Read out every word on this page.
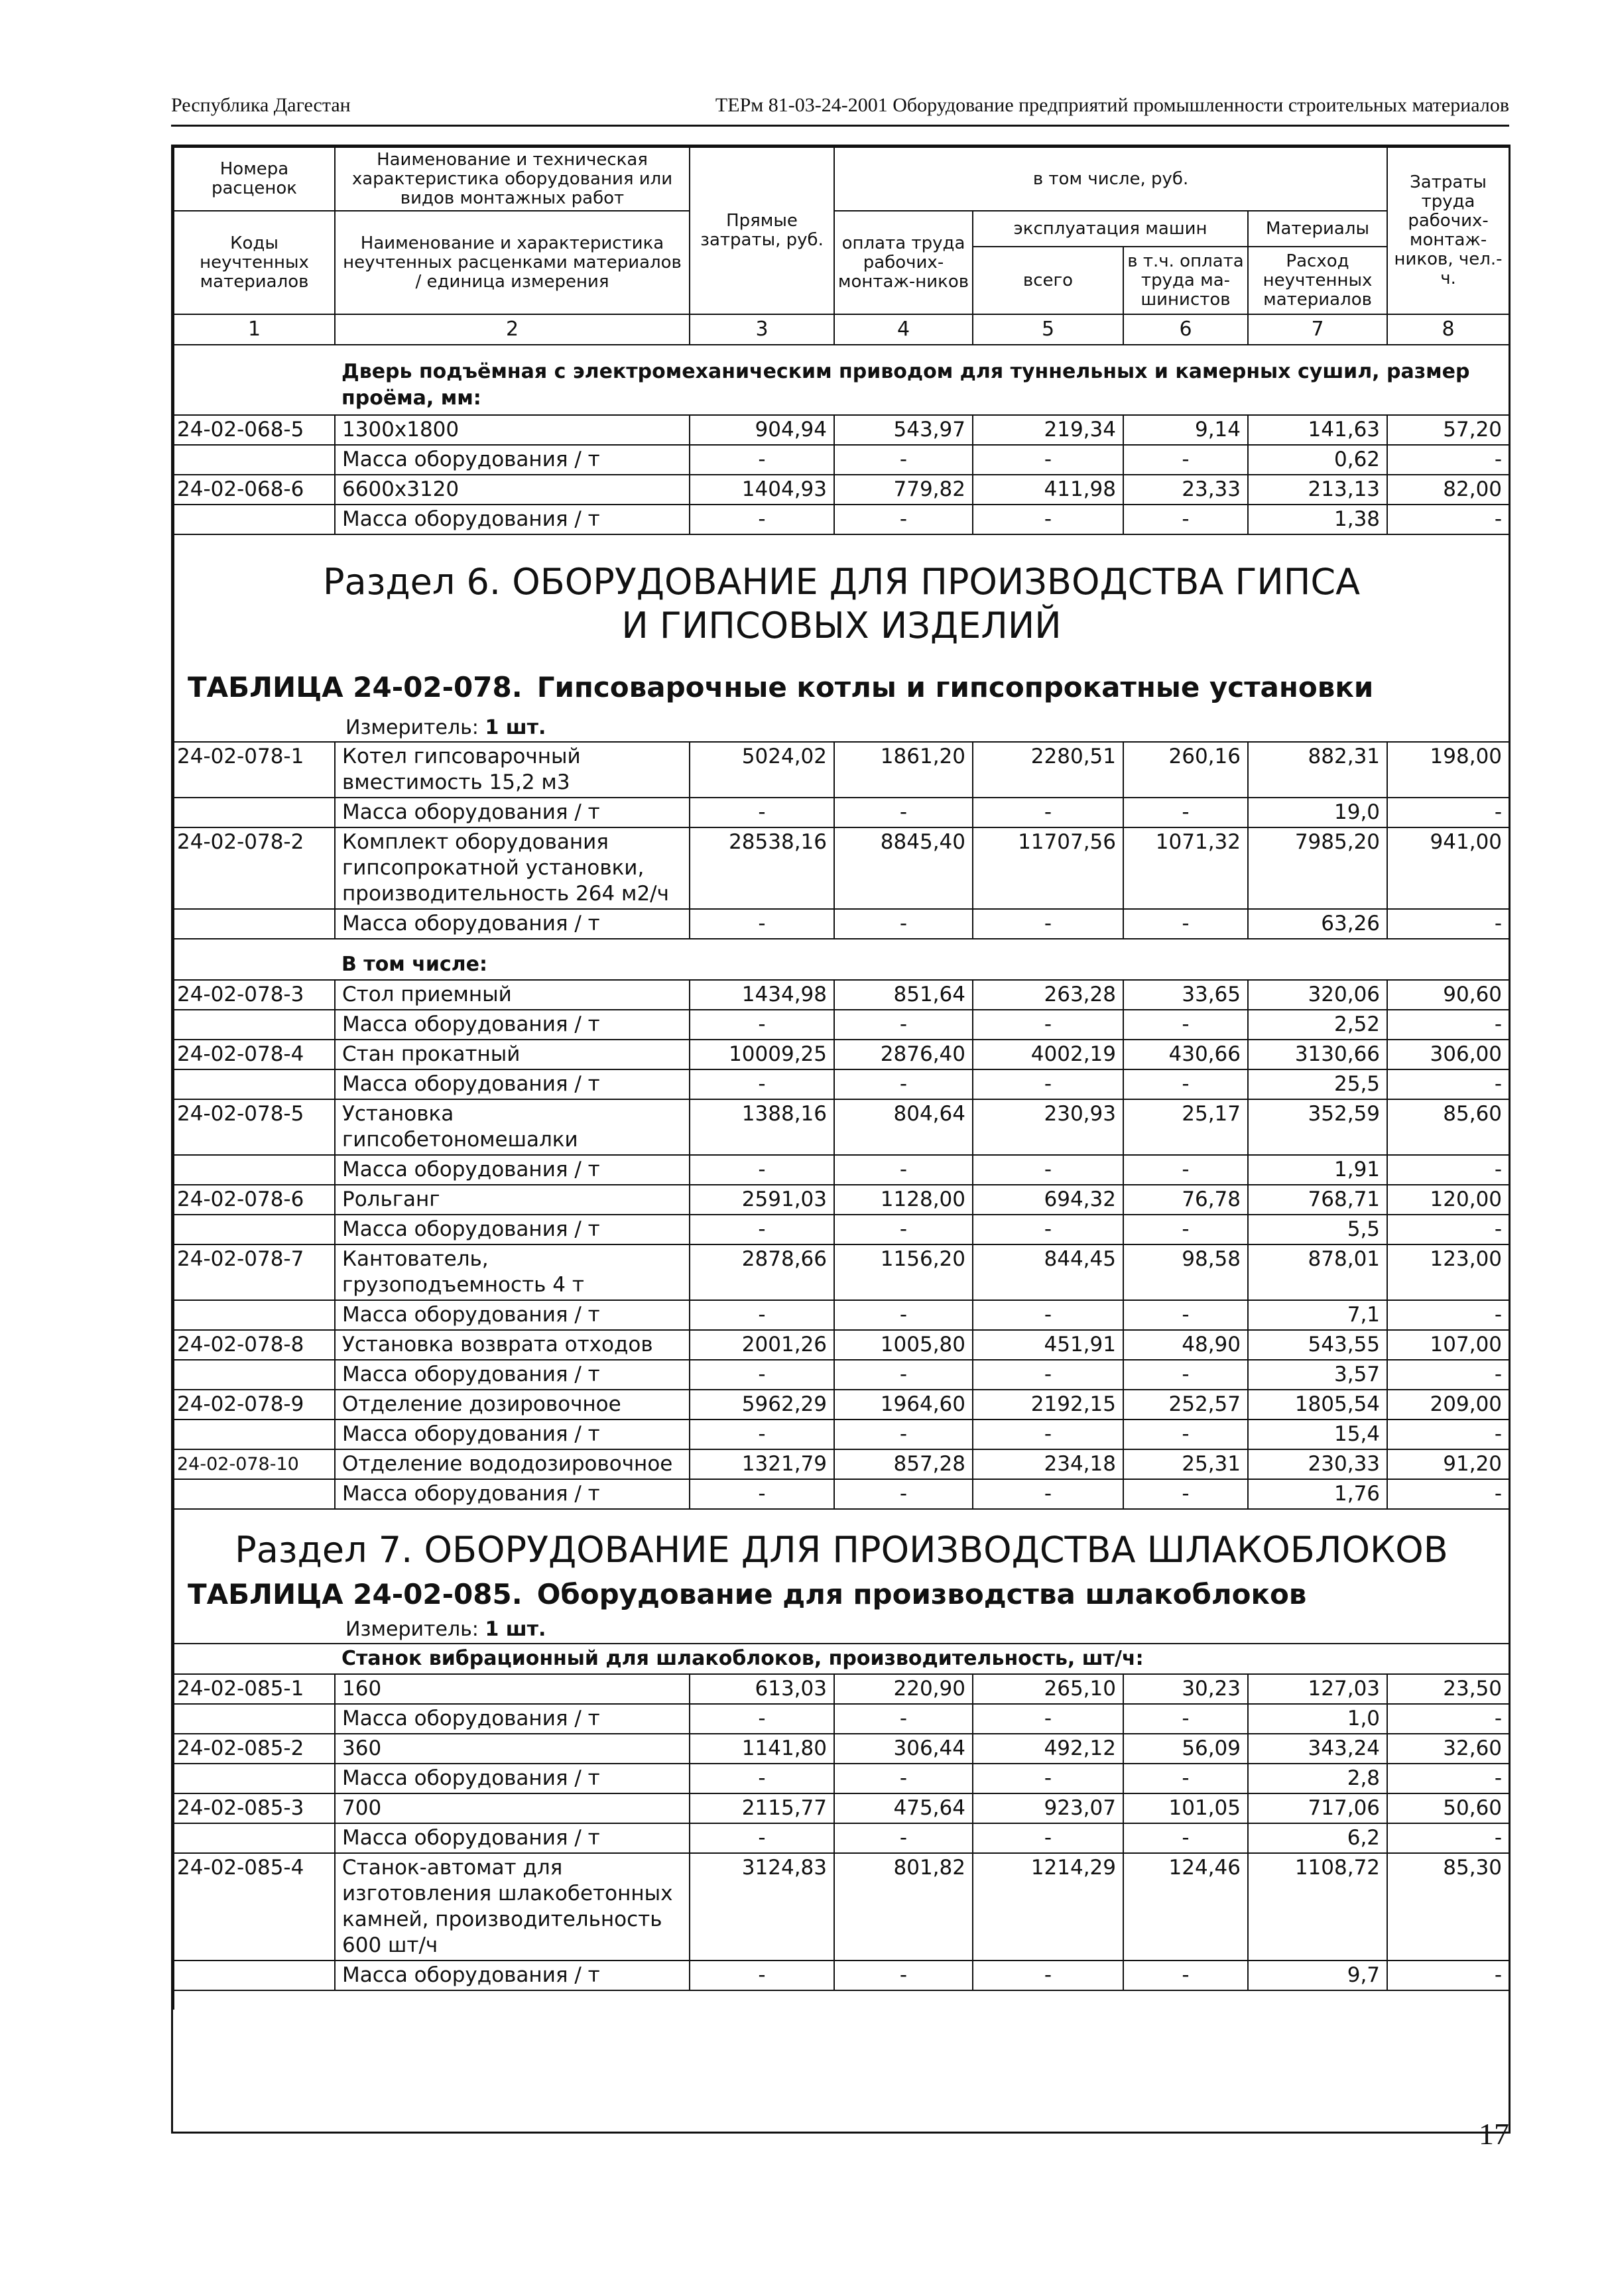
Республика Дагестан	ТЕРм 81-03-24-2001 Оборудование предприятий промышленности строительных материалов
Номера расценок	Наименование и техническая характеристика оборудования или видов монтажных работ	Прямые затраты, руб.	в том числе, руб.				Затраты труда рабочих-монтаж-ников, чел.-ч.
Коды неучтенных материалов	Наименование и характеристика неучтенных расценками материалов / единица измерения		оплата труда рабочих-монтаж-ников	эксплуатация машин		Материалы	
				всего	в т.ч. оплата труда ма-шинистов	Расход неучтенных материалов	
1	2	3	4	5	6	7	8
	Дверь подъёмная с электромеханическим приводом для туннельных и камерных сушил, размер проёма, мм:						
24-02-068-5	1300x1800	904,94	543,97	219,34	9,14	141,63	57,20
	Масса оборудования / т	-	-	-	-	0,62	-
24-02-068-6	6600x3120	1404,93	779,82	411,98	23,33	213,13	82,00
	Масса оборудования / т	-	-	-	-	1,38	-

Раздел 6. ОБОРУДОВАНИЕ ДЛЯ ПРОИЗВОДСТВА ГИПСА
И ГИПСОВЫХ ИЗДЕЛИЙ
ТАБЛИЦА 24-02-078. Гипсоварочные котлы и гипсопрокатные установки
Измеритель: 1 шт.							

24-02-078-1	Котел гипсоварочный вместимость 15,2 м3	5024,02	1861,20	2280,51	260,16	882,31	198,00
	Масса оборудования / т	-	-	-	-	19,0	-
24-02-078-2	Комплект оборудования гипсопрокатной установки, производительность 264 м2/ч	28538,16	8845,40	11707,56	1071,32	7985,20	941,00
	Масса оборудования / т	-	-	-	-	63,26	-
	В том числе:						
24-02-078-3	Стол приемный	1434,98	851,64	263,28	33,65	320,06	90,60
	Масса оборудования / т	-	-	-	-	2,52	-
24-02-078-4	Стан прокатный	10009,25	2876,40	4002,19	430,66	3130,66	306,00
	Масса оборудования / т	-	-	-	-	25,5	-
24-02-078-5	Установка гипсобетономешалки	1388,16	804,64	230,93	25,17	352,59	85,60
	Масса оборудования / т	-	-	-	-	1,91	-
24-02-078-6	Рольганг	2591,03	1128,00	694,32	76,78	768,71	120,00
	Масса оборудования / т	-	-	-	-	5,5	-
24-02-078-7	Кантователь, грузоподъемность 4 т	2878,66	1156,20	844,45	98,58	878,01	123,00
	Масса оборудования / т	-	-	-	-	7,1	-
24-02-078-8	Установка возврата отходов	2001,26	1005,80	451,91	48,90	543,55	107,00
	Масса оборудования / т	-	-	-	-	3,57	-
24-02-078-9	Отделение дозировочное	5962,29	1964,60	2192,15	252,57	1805,54	209,00
	Масса оборудования / т	-	-	-	-	15,4	-
24-02-078-10	Отделение вододозировочное	1321,79	857,28	234,18	25,31	230,33	91,20
	Масса оборудования / т	-	-	-	-	1,76	-

Раздел 7. ОБОРУДОВАНИЕ ДЛЯ ПРОИЗВОДСТВА ШЛАКОБЛОКОВ
ТАБЛИЦА 24-02-085. Оборудование для производства шлакоблоков
Измеритель: 1 шт.							

	Станок вибрационный для шлакоблоков, производительность, шт/ч:						
24-02-085-1	160	613,03	220,90	265,10	30,23	127,03	23,50
	Масса оборудования / т	-	-	-	-	1,0	-
24-02-085-2	360	1141,80	306,44	492,12	56,09	343,24	32,60
	Масса оборудования / т	-	-	-	-	2,8	-
24-02-085-3	700	2115,77	475,64	923,07	101,05	717,06	50,60
	Масса оборудования / т	-	-	-	-	6,2	-
24-02-085-4	Станок-автомат для изготовления шлакобетонных камней, производительность 600 шт/ч	3124,83	801,82	1214,29	124,46	1108,72	85,30
	Масса оборудования / т	-	-	-	-	9,7	-

17
